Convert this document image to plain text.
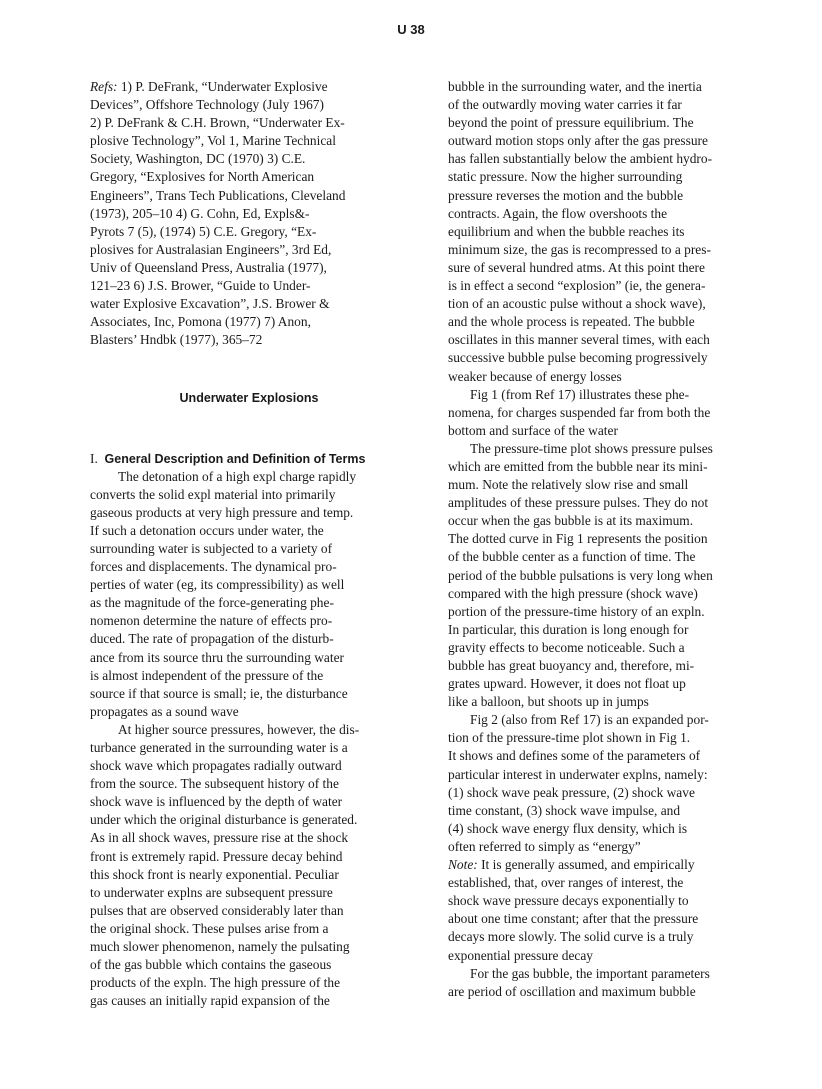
U 38
Refs: 1) P. DeFrank, “Underwater Explosive
Devices”, Offshore Technology (July 1967)
2) P. DeFrank & C.H. Brown, “Underwater Ex-
plosive Technology”, Vol 1, Marine Technical
Society, Washington, DC (1970) 3) C.E.
Gregory, “Explosives for North American
Engineers”, Trans Tech Publications, Cleveland
(1973), 205–10 4) G. Cohn, Ed, Expls&-
Pyrots 7 (5), (1974) 5) C.E. Gregory, “Ex-
plosives for Australasian Engineers”, 3rd Ed,
Univ of Queensland Press, Australia (1977),
121–23 6) J.S. Brower, “Guide to Under-
water Explosive Excavation”, J.S. Brower &
Associates, Inc, Pomona (1977) 7) Anon,
Blasters’ Hndbk (1977), 365–72
Underwater Explosions
I. General Description and Definition of Terms
The detonation of a high expl charge rapidly
converts the solid expl material into primarily
gaseous products at very high pressure and temp.
If such a detonation occurs under water, the
surrounding water is subjected to a variety of
forces and displacements. The dynamical pro-
perties of water (eg, its compressibility) as well
as the magnitude of the force-generating phe-
nomenon determine the nature of effects pro-
duced. The rate of propagation of the disturb-
ance from its source thru the surrounding water
is almost independent of the pressure of the
source if that source is small; ie, the disturbance
propagates as a sound wave
At higher source pressures, however, the dis-
turbance generated in the surrounding water is a
shock wave which propagates radially outward
from the source. The subsequent history of the
shock wave is influenced by the depth of water
under which the original disturbance is generated.
As in all shock waves, pressure rise at the shock
front is extremely rapid. Pressure decay behind
this shock front is nearly exponential. Peculiar
to underwater explns are subsequent pressure
pulses that are observed considerably later than
the original shock. These pulses arise from a
much slower phenomenon, namely the pulsating
of the gas bubble which contains the gaseous
products of the expln. The high pressure of the
gas causes an initially rapid expansion of the
bubble in the surrounding water, and the inertia
of the outwardly moving water carries it far
beyond the point of pressure equilibrium. The
outward motion stops only after the gas pressure
has fallen substantially below the ambient hydro-
static pressure. Now the higher surrounding
pressure reverses the motion and the bubble
contracts. Again, the flow overshoots the
equilibrium and when the bubble reaches its
minimum size, the gas is recompressed to a pres-
sure of several hundred atms. At this point there
is in effect a second “explosion” (ie, the genera-
tion of an acoustic pulse without a shock wave),
and the whole process is repeated. The bubble
oscillates in this manner several times, with each
successive bubble pulse becoming progressively
weaker because of energy losses
Fig 1 (from Ref 17) illustrates these phe-
nomena, for charges suspended far from both the
bottom and surface of the water
The pressure-time plot shows pressure pulses
which are emitted from the bubble near its mini-
mum. Note the relatively slow rise and small
amplitudes of these pressure pulses. They do not
occur when the gas bubble is at its maximum.
The dotted curve in Fig 1 represents the position
of the bubble center as a function of time. The
period of the bubble pulsations is very long when
compared with the high pressure (shock wave)
portion of the pressure-time history of an expln.
In particular, this duration is long enough for
gravity effects to become noticeable. Such a
bubble has great buoyancy and, therefore, mi-
grates upward. However, it does not float up
like a balloon, but shoots up in jumps
Fig 2 (also from Ref 17) is an expanded por-
tion of the pressure-time plot shown in Fig 1.
It shows and defines some of the parameters of
particular interest in underwater explns, namely:
(1) shock wave peak pressure, (2) shock wave
time constant, (3) shock wave impulse, and
(4) shock wave energy flux density, which is
often referred to simply as “energy”
Note: It is generally assumed, and empirically
established, that, over ranges of interest, the
shock wave pressure decays exponentially to
about one time constant; after that the pressure
decays more slowly. The solid curve is a truly
exponential pressure decay
For the gas bubble, the important parameters
are period of oscillation and maximum bubble
